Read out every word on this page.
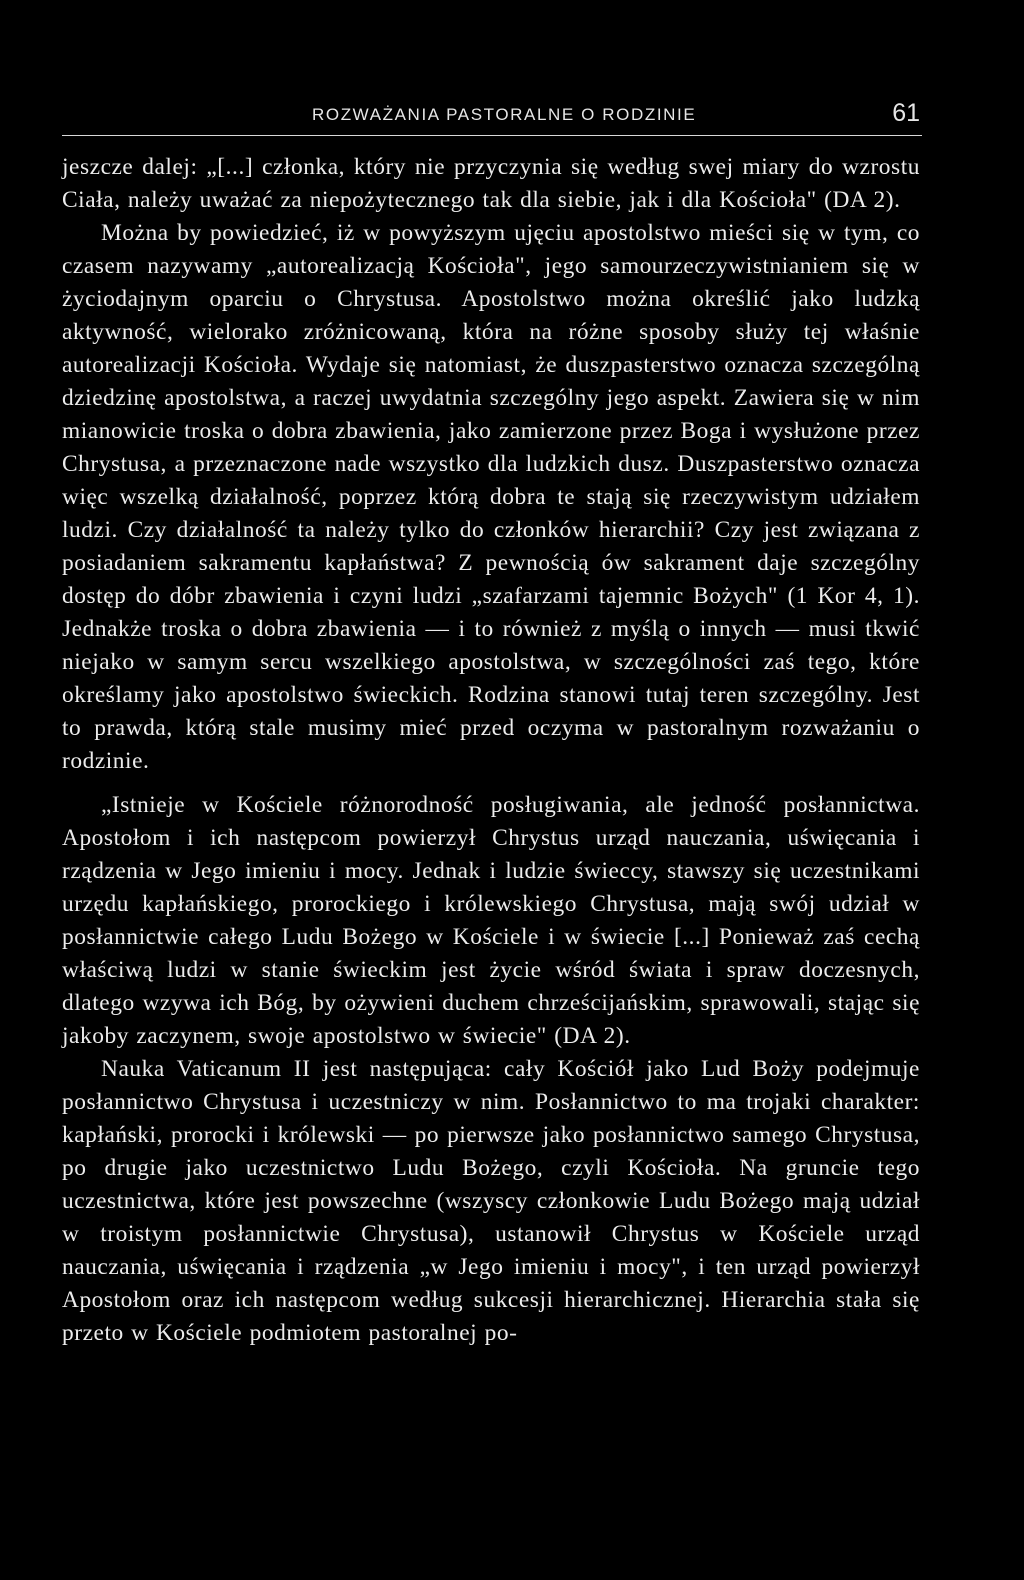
ROZWAŻANIA PASTORALNE O RODZINIE	61

jeszcze dalej: „[...] członka, który nie przyczynia się według swej miary do wzrostu Ciała, należy uważać za niepożytecznego tak dla siebie, jak i dla Kościoła" (DA 2).

Można by powiedzieć, iż w powyższym ujęciu apostolstwo mieści się w tym, co czasem nazywamy „autorealizacją Kościoła", jego samourzeczywistnianiem się w życiodajnym oparciu o Chrystusa. Apostolstwo można określić jako ludzką aktywność, wielorako zróżnicowaną, która na różne sposoby służy tej właśnie autorealizacji Kościoła. Wydaje się natomiast, że duszpasterstwo oznacza szczególną dziedzinę apostolstwa, a raczej uwydatnia szczególny jego aspekt. Zawiera się w nim mianowicie troska o dobra zbawienia, jako zamierzone przez Boga i wysłużone przez Chrystusa, a przeznaczone nade wszystko dla ludzkich dusz. Duszpasterstwo oznacza więc wszelką działalność, poprzez którą dobra te stają się rzeczywistym udziałem ludzi. Czy działalność ta należy tylko do członków hierarchii? Czy jest związana z posiadaniem sakramentu kapłaństwa? Z pewnością ów sakrament daje szczególny dostęp do dóbr zbawienia i czyni ludzi „szafarzami tajemnic Bożych" (1 Kor 4, 1). Jednakże troska o dobra zbawienia — i to również z myślą o innych — musi tkwić niejako w samym sercu wszelkiego apostolstwa, w szczególności zaś tego, które określamy jako apostolstwo świeckich. Rodzina stanowi tutaj teren szczególny. Jest to prawda, którą stale musimy mieć przed oczyma w pastoralnym rozważaniu o rodzinie.

„Istnieje w Kościele różnorodność posługiwania, ale jedność posłannictwa. Apostołom i ich następcom powierzył Chrystus urząd nauczania, uświęcania i rządzenia w Jego imieniu i mocy. Jednak i ludzie świeccy, stawszy się uczestnikami urzędu kapłańskiego, prorockiego i królewskiego Chrystusa, mają swój udział w posłannictwie całego Ludu Bożego w Kościele i w świecie [...] Ponieważ zaś cechą właściwą ludzi w stanie świeckim jest życie wśród świata i spraw doczesnych, dlatego wzywa ich Bóg, by ożywieni duchem chrześcijańskim, sprawowali, stając się jakoby zaczynem, swoje apostolstwo w świecie" (DA 2).

Nauka Vaticanum II jest następująca: cały Kościół jako Lud Boży podejmuje posłannictwo Chrystusa i uczestniczy w nim. Posłannictwo to ma trojaki charakter: kapłański, prorocki i królewski — po pierwsze jako posłannictwo samego Chrystusa, po drugie jako uczestnictwo Ludu Bożego, czyli Kościoła. Na gruncie tego uczestnictwa, które jest powszechne (wszyscy członkowie Ludu Bożego mają udział w troistym posłannictwie Chrystusa), ustanowił Chrystus w Kościele urząd nauczania, uświęcania i rządzenia „w Jego imieniu i mocy", i ten urząd powierzył Apostołom oraz ich następcom według sukcesji hierarchicznej. Hierarchia stała się przeto w Kościele podmiotem pastoralnej po-
